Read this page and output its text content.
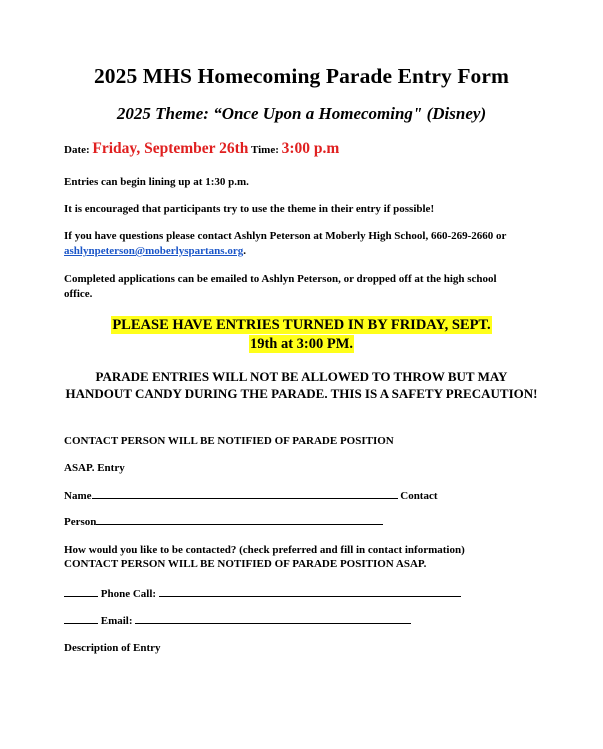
2025 MHS Homecoming Parade Entry Form
2025 Theme: “Once Upon a Homecoming" (Disney)
Date: Friday, September 26th Time: 3:00 p.m
Entries can begin lining up at 1:30 p.m.
It is encouraged that participants try to use the theme in their entry if possible!
If you have questions please contact Ashlyn Peterson at Moberly High School, 660-269-2660 or ashlynpeterson@moberlyspartans.org.
Completed applications can be emailed to Ashlyn Peterson, or dropped off at the high school office.
PLEASE HAVE ENTRIES TURNED IN BY FRIDAY, SEPT.
19th at 3:00 PM.
PARADE ENTRIES WILL NOT BE ALLOWED TO THROW BUT MAY HANDOUT CANDY DURING THE PARADE. THIS IS A SAFETY PRECAUTION!
CONTACT PERSON WILL BE NOTIFIED OF PARADE POSITION
ASAP. Entry
Name	Contact
Person
How would you like to be contacted? (check preferred and fill in contact information)
CONTACT PERSON WILL BE NOTIFIED OF PARADE POSITION ASAP.
Phone Call:
Email:
Description of Entry
